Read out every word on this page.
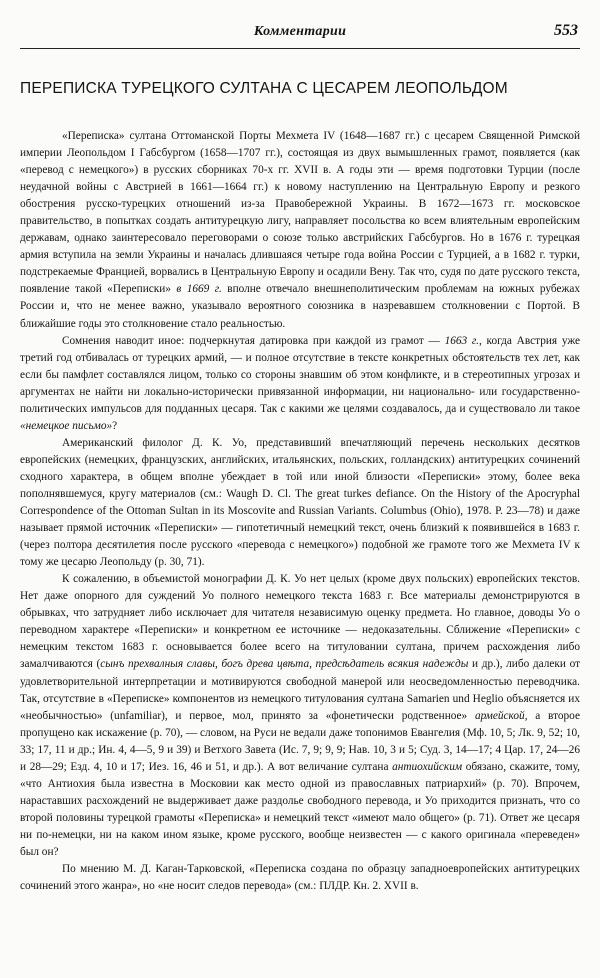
Комментарии	553
ПЕРЕПИСКА ТУРЕЦКОГО СУЛТАНА С ЦЕСАРЕМ ЛЕОПОЛЬДОМ

«Переписка» султана Оттоманской Порты Мехмета IV (1648—1687 гг.) с цесарем Священной Римской империи Леопольдом I Габсбургом (1658—1707 гг.), состоящая из двух вымышленных грамот, появляется (как «перевод с немецкого») в русских сборниках 70-х гг. XVII в. А годы эти — время подготовки Турции (после неудачной войны с Австрией в 1661—1664 гг.) к новому наступлению на Центральную Европу и резкого обострения русско-турецких отношений из-за Правобережной Украины. В 1672—1673 гг. московское правительство, в попытках создать антитурецкую лигу, направляет посольства ко всем влиятельным европейским державам, однако заинтересовало переговорами о союзе только австрийских Габсбургов. Но в 1676 г. турецкая армия вступила на земли Украины и началась длившаяся четыре года война России с Турцией, а в 1682 г. турки, подстрекаемые Францией, ворвались в Центральную Европу и осадили Вену. Так что, судя по дате русского текста, появление такой «Переписки» в 1669 г. вполне отвечало внешнеполитическим проблемам на южных рубежах России и, что не менее важно, указывало вероятного союзника в назревавшем столкновении с Портой. В ближайшие годы это столкновение стало реальностью.

Сомнения наводит иное: подчеркнутая датировка при каждой из грамот — 1663 г., когда Австрия уже третий год отбивалась от турецких армий, — и полное отсутствие в тексте конкретных обстоятельств тех лет, как если бы памфлет составлялся лицом, только со стороны знавшим об этом конфликте, и в стереотипных угрозах и аргументах не найти ни локально-исторически привязанной информации, ни национально- или государственно-политических импульсов для подданных цесаря. Так с какими же целями создавалось, да и существовало ли такое «немецкое письмо»?

Американский филолог Д. К. Уо, представивший впечатляющий перечень нескольких десятков европейских (немецких, французских, английских, итальянских, польских, голландских) антитурецких сочинений сходного характера, в общем вполне убеждает в той или иной близости «Переписки» этому, более века пополнявшемуся, кругу материалов (см.: Waugh D. Cl. The great turkes defiance. On the History of the Apocryphal Correspondence of the Ottoman Sultan in its Moscovite and Russian Variants. Columbus (Ohio), 1978. P. 23—78) и даже называет прямой источник «Переписки» — гипотетичный немецкий текст, очень близкий к появившейся в 1683 г. (через полтора десятилетия после русского «перевода с немецкого») подобной же грамоте того же Мехмета IV к тому же цесарю Леопольду (р. 30, 71).

К сожалению, в объемистой монографии Д. К. Уо нет целых (кроме двух польских) европейских текстов. Нет даже опорного для суждений Уо полного немецкого текста 1683 г. Все материалы демонстрируются в обрывках, что затрудняет либо исключает для читателя независимую оценку предмета. Но главное, доводы Уо о переводном характере «Переписки» и конкретном ее источнике — недоказательны. Сближение «Переписки» с немецким текстом 1683 г. основывается более всего на титуловании султана, причем расхождения либо замалчиваются (сынъ прехвалныя славы, богъ древа цвѣта, предсѣдатель всякия надежды и др.), либо далеки от удовлетворительной интерпретации и мотивируются свободной манерой или неосведомленностью переводчика. Так, отсутствие в «Переписке» компонентов из немецкого титулования султана Samarien und Heglio объясняется их «необычностью» (unfamiliar), и первое, мол, принято за «фонетически родственное» армейской, а второе пропущено как искажение (р. 70), — словом, на Руси не ведали даже топонимов Евангелия (Мф. 10, 5; Лк. 9, 52; 10, 33; 17, 11 и др.; Ин. 4, 4—5, 9 и 39) и Ветхого Завета (Ис. 7, 9; 9, 9; Нав. 10, 3 и 5; Суд. 3, 14—17; 4 Цар. 17, 24—26 и 28—29; Езд. 4, 10 и 17; Иез. 16, 46 и 51, и др.). А вот величание султана антиохийским обязано, скажите, тому, «что Антиохия была известна в Московии как место одной из православных патриархий» (р. 70). Впрочем, нараставших расхождений не выдерживает даже раздолье свободного перевода, и Уо приходится признать, что со второй половины турецкой грамоты «Переписка» и немецкий текст «имеют мало общего» (р. 71). Ответ же цесаря ни по-немецки, ни на каком ином языке, кроме русского, вообще неизвестен — с какого оригинала «переведен» был он?

По мнению М. Д. Каган-Тарковской, «Переписка создана по образцу западноевропейских антитурецких сочинений этого жанра», но «не носит следов перевода» (см.: ПЛДР. Кн. 2. XVII в.
